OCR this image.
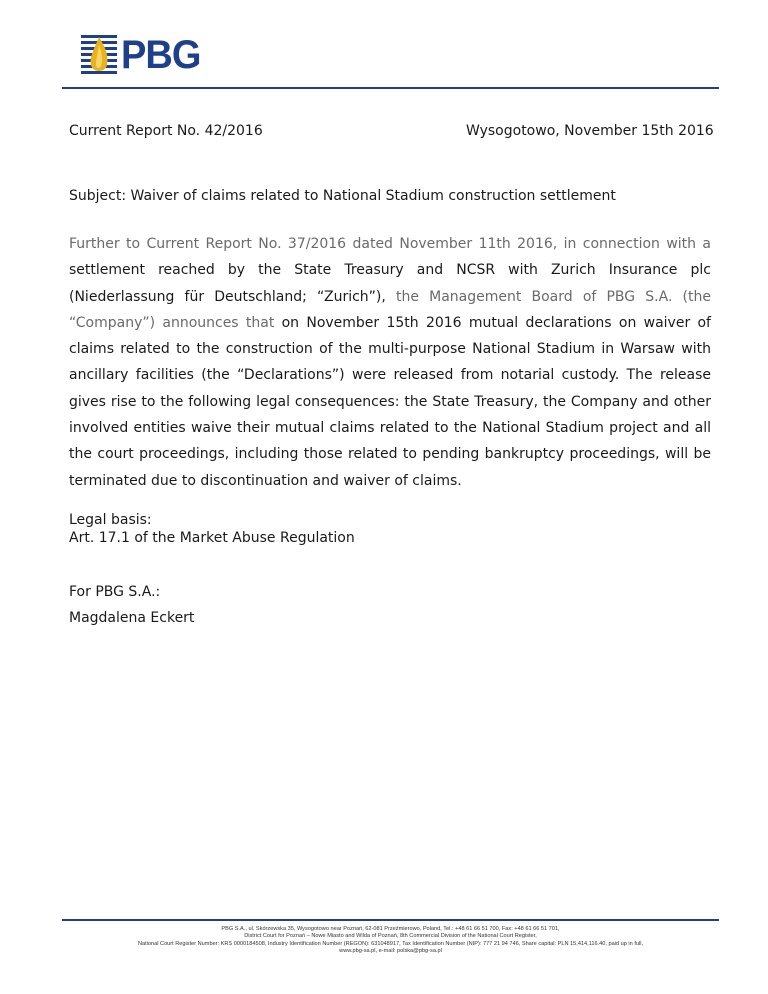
PBG
Current Report No. 42/2016	Wysogotowo, November 15th 2016
Subject: Waiver of claims related to National Stadium construction settlement
Further to Current Report No. 37/2016 dated November 11th 2016, in connection with a settlement reached by the State Treasury and NCSR with Zurich Insurance plc (Niederlassung für Deutschland; “Zurich”), the Management Board of PBG S.A. (the “Company”) announces that on November 15th 2016 mutual declarations on waiver of claims related to the construction of the multi-purpose National Stadium in Warsaw with ancillary facilities (the “Declarations”) were released from notarial custody. The release gives rise to the following legal consequences: the State Treasury, the Company and other involved entities waive their mutual claims related to the National Stadium project and all the court proceedings, including those related to pending bankruptcy proceedings, will be terminated due to discontinuation and waiver of claims.
Legal basis:
Art. 17.1 of the Market Abuse Regulation
For PBG S.A.:
Magdalena Eckert
PBG S.A., ul. Skórzewska 35, Wysogotowo near Poznań, 62-081 Przeźmierowo, Poland, Tel.: +48 61 66 51 700, Fax: +48 61 66 51 701,
District Court for Poznań – Nowe Miasto and Wilda of Poznań, 8th Commercial Division of the National Court Register,
National Court Register Number: KRS 0000184508, Industry Identification Number (REGON): 631048917, Tax Identification Number (NIP): 777 21 94 746, Share capital: PLN 15,414,116.40, paid up in full,
www.pbg-sa.pl, e-mail: polska@pbg-sa.pl
